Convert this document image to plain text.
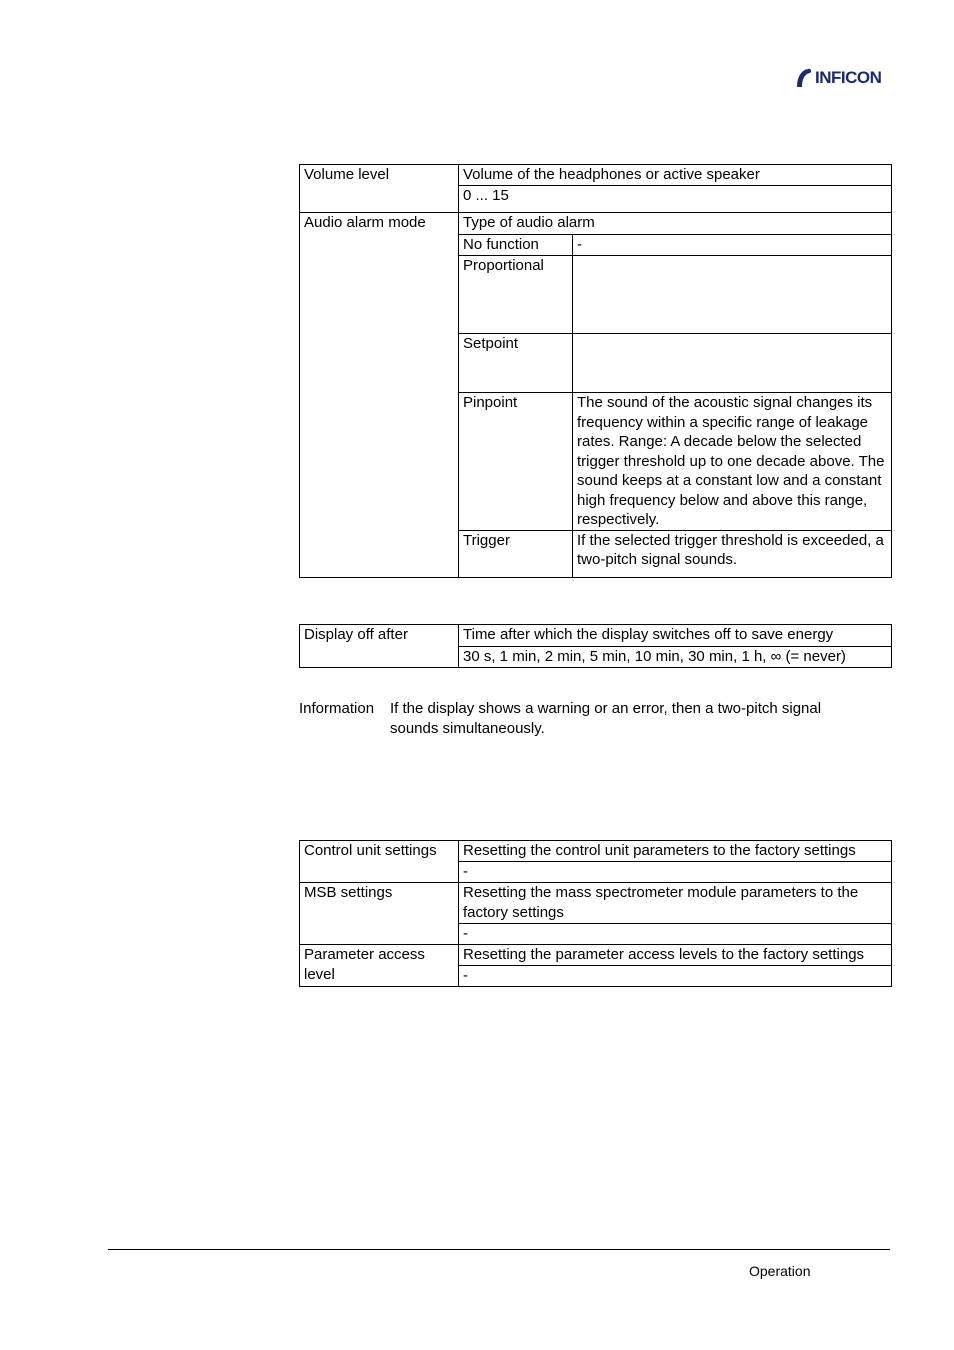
INFICON
Volume level	Volume of the headphones or active speaker
0 ... 15
Audio alarm mode	Type of audio alarm	
	No function	-
	Proportional	
	Setpoint	
	Pinpoint	The sound of the acoustic signal changes its frequency within a specific range of leakage rates. Range: A decade below the selected trigger threshold up to one decade above. The sound keeps at a constant low and a constant high frequency below and above this range, respectively.
	Trigger	If the selected trigger threshold is exceeded, a two-pitch signal sounds.
Display off after	Time after which the display switches off to save energy
30 s, 1 min, 2 min, 5 min, 10 min, 30 min, 1 h, ∞ (= never)
Information If the display shows a warning or an error, then a two-pitch signal sounds simultaneously.
Control unit settings	Resetting the control unit parameters to the factory settings
	-
MSB settings	Resetting the mass spectrometer module parameters to the factory settings
	-
Parameter access level	Resetting the parameter access levels to the factory settings
	-
Operation
